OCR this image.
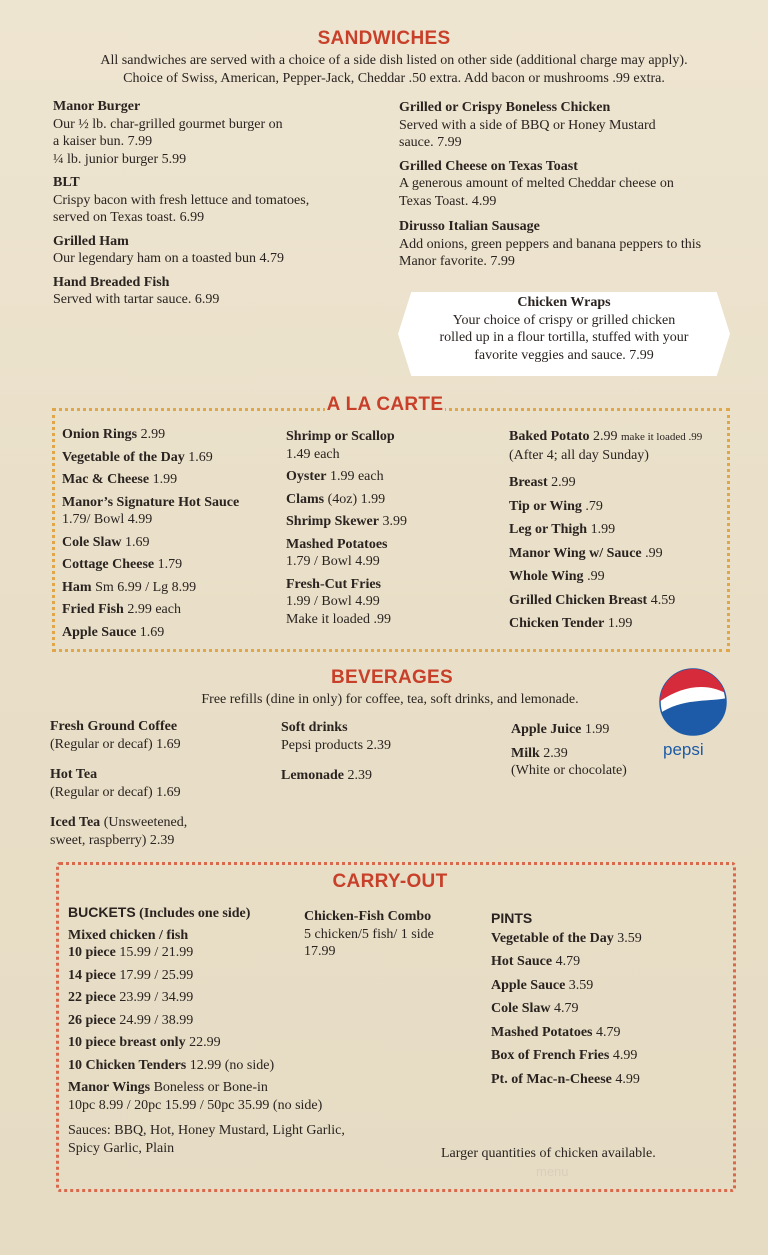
SANDWICHES
All sandwiches are served with a choice of a side dish listed on other side (additional charge may apply).
Choice of Swiss, American, Pepper-Jack, Cheddar .50 extra. Add bacon or mushrooms .99 extra.
Manor Burger
Our ½ lb. char-grilled gourmet burger on
a kaiser bun. 7.99
¼ lb. junior burger 5.99
BLT
Crispy bacon with fresh lettuce and tomatoes,
served on Texas toast. 6.99
Grilled Ham
Our legendary ham on a toasted bun 4.79
Hand Breaded Fish
Served with tartar sauce. 6.99
Grilled or Crispy Boneless Chicken
Served with a side of BBQ or Honey Mustard
sauce. 7.99
Grilled Cheese on Texas Toast
A generous amount of melted Cheddar cheese on
Texas Toast. 4.99
Dirusso Italian Sausage
Add onions, green peppers and banana peppers to this
Manor favorite. 7.99
Chicken Wraps
Your choice of crispy or grilled chicken
rolled up in a flour tortilla, stuffed with your
favorite veggies and sauce. 7.99
A LA CARTE
Onion Rings 2.99
Vegetable of the Day 1.69
Mac & Cheese 1.99
Manor’s Signature Hot Sauce
1.79/ Bowl 4.99
Cole Slaw 1.69
Cottage Cheese 1.79
Ham Sm 6.99 / Lg 8.99
Fried Fish 2.99 each
Apple Sauce 1.69
Shrimp or Scallop
1.49 each
Oyster 1.99 each
Clams (4oz) 1.99
Shrimp Skewer 3.99
Mashed Potatoes
1.79 / Bowl 4.99
Fresh-Cut Fries
1.99 / Bowl 4.99
Make it loaded .99
Baked Potato 2.99 make it loaded .99
(After 4; all day Sunday)
Breast 2.99
Tip or Wing .79
Leg or Thigh 1.99
Manor Wing w/ Sauce .99
Whole Wing .99
Grilled Chicken Breast 4.59
Chicken Tender 1.99
BEVERAGES
Free refills (dine in only) for coffee, tea, soft drinks, and lemonade.
Fresh Ground Coffee
(Regular or decaf) 1.69
Hot Tea
(Regular or decaf) 1.69
Iced Tea (Unsweetened,
sweet, raspberry) 2.39
Soft drinks
Pepsi products 2.39
Lemonade 2.39
Apple Juice 1.99
Milk 2.39
(White or chocolate)
pepsi
CARRY-OUT
BUCKETS (Includes one side)
Mixed chicken / fish
10 piece 15.99 / 21.99
14 piece 17.99 / 25.99
22 piece 23.99 / 34.99
26 piece 24.99 / 38.99
10 piece breast only 22.99
10 Chicken Tenders 12.99 (no side)
Manor Wings Boneless or Bone-in
10pc 8.99 / 20pc 15.99 / 50pc 35.99 (no side)
Sauces: BBQ, Hot, Honey Mustard, Light Garlic,
Spicy Garlic, Plain
Chicken-Fish Combo
5 chicken/5 fish/ 1 side
17.99
PINTS
Vegetable of the Day 3.59
Hot Sauce 4.79
Apple Sauce 3.59
Cole Slaw 4.79
Mashed Potatoes 4.79
Box of French Fries 4.99
Pt. of Mac-n-Cheese 4.99
Larger quantities of chicken available.
menu
